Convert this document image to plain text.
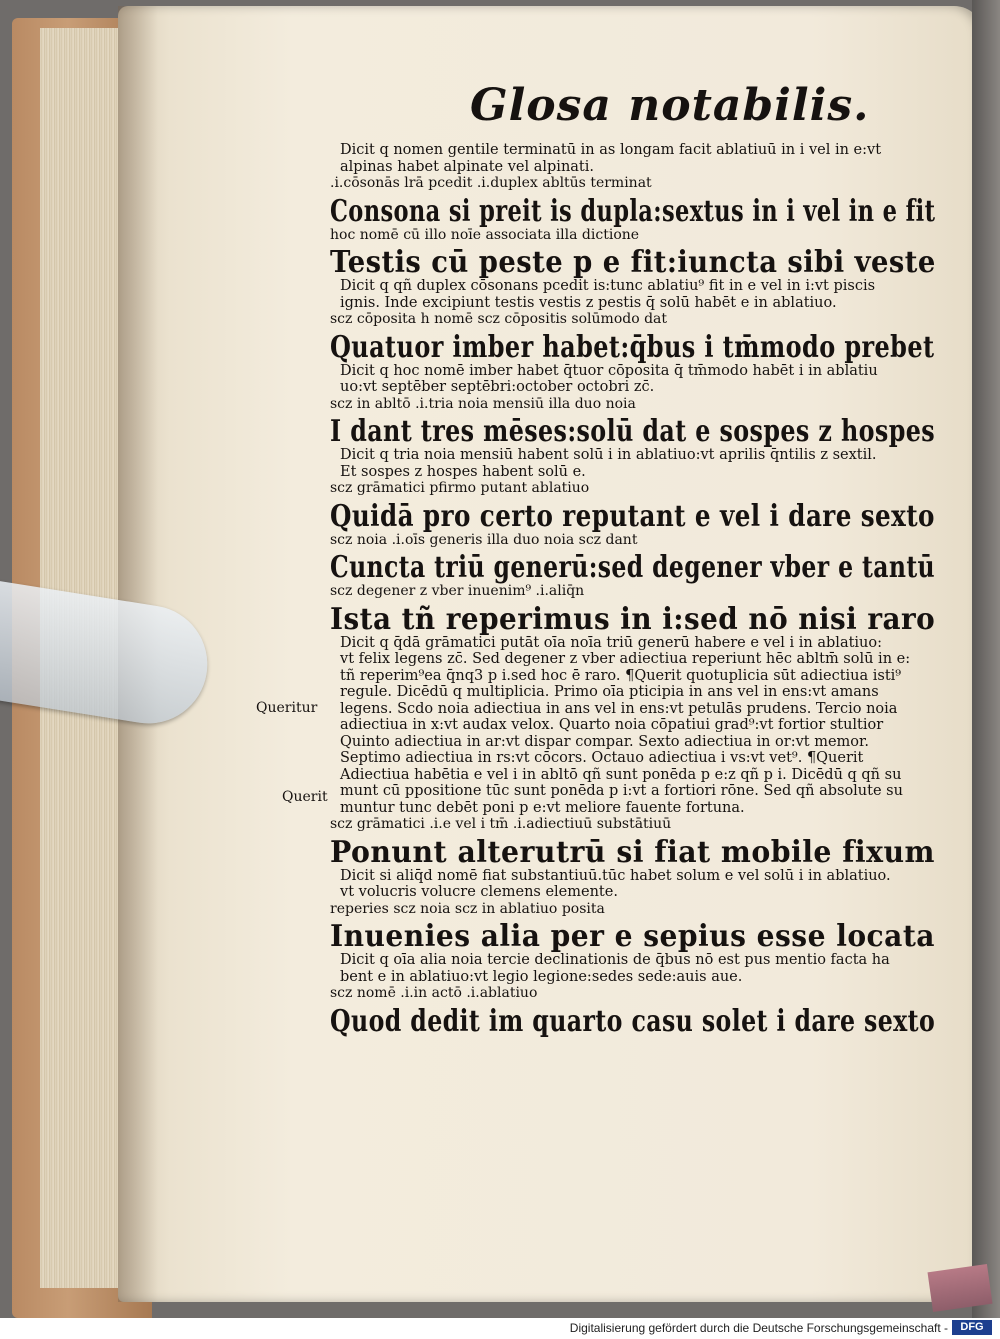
Glosa notabilis.

Dicit q nomen gentile terminatū in as longam facit ablatiuū in i vel in e:vt

alpinas habet alpinate vel alpinati.

.i.cōsonās lrā pcedit .i.duplex abltūs terminat

Consona si preit is dupla:sextus in i vel in e fit

hoc nomē cū illo noīe associata illa dictione

Testis cū peste p e fit:iuncta sibi veste

Dicit q qñ duplex cōsonans pcedit is:tunc ablatiu⁹ fit in e vel in i:vt piscis

ignis. Inde excipiunt testis vestis z pestis q̄ solū habēt e in ablatiuo.

scz cōposita h nomē scz cōpositis solūmodo dat

Quatuor imber habet:q̄bus i tm̄modo prebet

Dicit q hoc nomē imber habet q̄tuor cōposita q̄ tm̄modo habēt i in ablatiu

uo:vt septēber septēbri:october octobri zc̄.

scz in abltō .i.tria noia mensiū illa duo noia

I dant tres mēses:solū dat e sospes z hospes

Dicit q tria noia mensiū habent solū i in ablatiuo:vt aprilis q̄ntilis z sextil.

Et sospes z hospes habent solū e.

scz grāmatici pfirmo putant ablatiuo

Quidā pro certo reputant e vel i dare sexto

scz noia .i.oīs generis illa duo noia scz dant

Cuncta triū generū:sed degener vber e tantū

scz degener z vber inuenim⁹ .i.aliq̄n

Ista tñ reperimus in i:sed nō nisi raro

Dicit q q̄dā grāmatici putāt oīa noīa triū generū habere e vel i in ablatiuo:

vt felix legens zc̄. Sed degener z vber adiectiua reperiunt hēc abltm̄ solū in e:

tñ reperim⁹ea q̄nq3 p i.sed hoc ē raro. ¶Querit quotuplicia sūt adiectiua isti⁹

regule. Dicēdū q multiplicia. Primo oīa pticipia in ans vel in ens:vt amans

legens. Scdo noia adiectiua in ans vel in ens:vt petulās prudens. Tercio noia

adiectiua in x:vt audax velox. Quarto noia cōpatiui grad⁹:vt fortior stultior

Quinto adiectiua in ar:vt dispar compar. Sexto adiectiua in or:vt memor.

Septimo adiectiua in rs:vt cōcors. Octauo adiectiua i vs:vt vet⁹. ¶Querit

Adiectiua habētia e vel i in abltō qñ sunt ponēda p e:z qñ p i. Dicēdū q qñ su

munt cū ppositione tūc sunt ponēda p i:vt a fortiori rōne. Sed qñ absolute su

muntur tunc debēt poni p e:vt meliore fauente fortuna.

scz grāmatici .i.e vel i tm̄ .i.adiectiuū substātiuū

Ponunt alterutrū si fiat mobile fixum

Dicit si aliq̄d nomē fiat substantiuū.tūc habet solum e vel solū i in ablatiuo.

vt volucris volucre clemens elemente.

reperies scz noia scz in ablatiuo posita

Inuenies alia per e sepius esse locata

Dicit q oīa alia noia tercie declinationis de q̄bus nō est pus mentio facta ha

bent e in ablatiuo:vt legio legione:sedes sede:auis aue.

scz nomē .i.in actō .i.ablatiuo

Quod dedit im quarto casu solet i dare sexto

Queritur

Querit

Digitalisierung gefördert durch die Deutsche Forschungsgemeinschaft -	DFG
